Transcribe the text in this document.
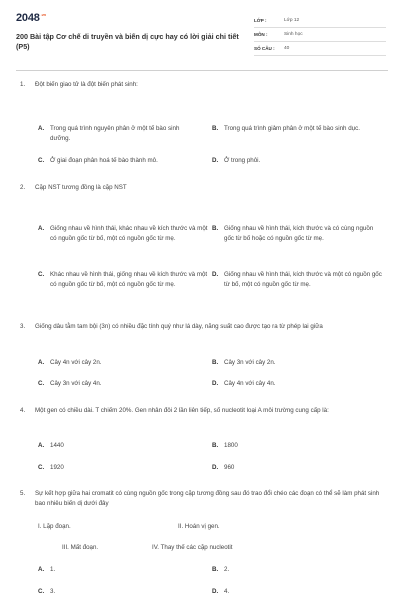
$2048^{.vn}$
200 Bài tập Cơ chế di truyền và biến dị cực hay có lời giải chi tiết (P5)
LỚP :	Lớp 12
MÔN :	Sinh học
SỐ CÂU :	40
1.	Đột biến giao tử là đột biến phát sinh:
A. Trong quá trình nguyên phân ở một tế bào sinh dưỡng.
B. Trong quá trình giảm phân ở một tế bào sinh dục.
C. Ở giai đoạn phân hoá tế bào thành mô.	D. Ở trong phôi.
2.	Cặp NST tương đồng là cặp NST
A. Giống nhau về hình thái, khác nhau về kích thước và một có nguồn gốc từ bố, một có nguồn gốc từ mẹ.
B. Giống nhau về hình thái, kích thước và có cùng nguồn gốc từ bố hoặc có nguồn gốc từ mẹ.
C. Khác nhau về hình thái, giống nhau về kích thước và một có nguồn gốc từ bố, một có nguồn gốc từ mẹ.
D. Giống nhau về hình thái, kích thước và một có nguồn gốc từ bố, một có nguồn gốc từ mẹ.
3.	Giống dâu tằm tam bội (3n) có nhiều đặc tính quý như lá dày, năng suất cao được tạo ra từ phép lai giữa
A. Cây 4n với cây 2n.	B. Cây 3n với cây 2n.
C. Cây 3n với cây 4n.	D. Cây 4n với cây 4n.
4.	Một gen có chiều dài. T chiếm 20%. Gen nhân đôi 2 lần liên tiếp, số nucleotit loại A môi trường cung cấp là:
A. 1440	B. 1800
C. 1920	D. 960
5.	Sự kết hợp giữa hai cromatit có cùng nguồn gốc trong cặp tương đồng sau đó trao đổi chéo các đoạn có thể sẽ làm phát sinh bao nhiêu biến dị dưới đây
I. Lặp đoạn.	II. Hoán vị gen.
III. Mất đoạn.	IV. Thay thế các cặp nucleotit
A. 1.	B. 2.
C. 3.	D. 4.
